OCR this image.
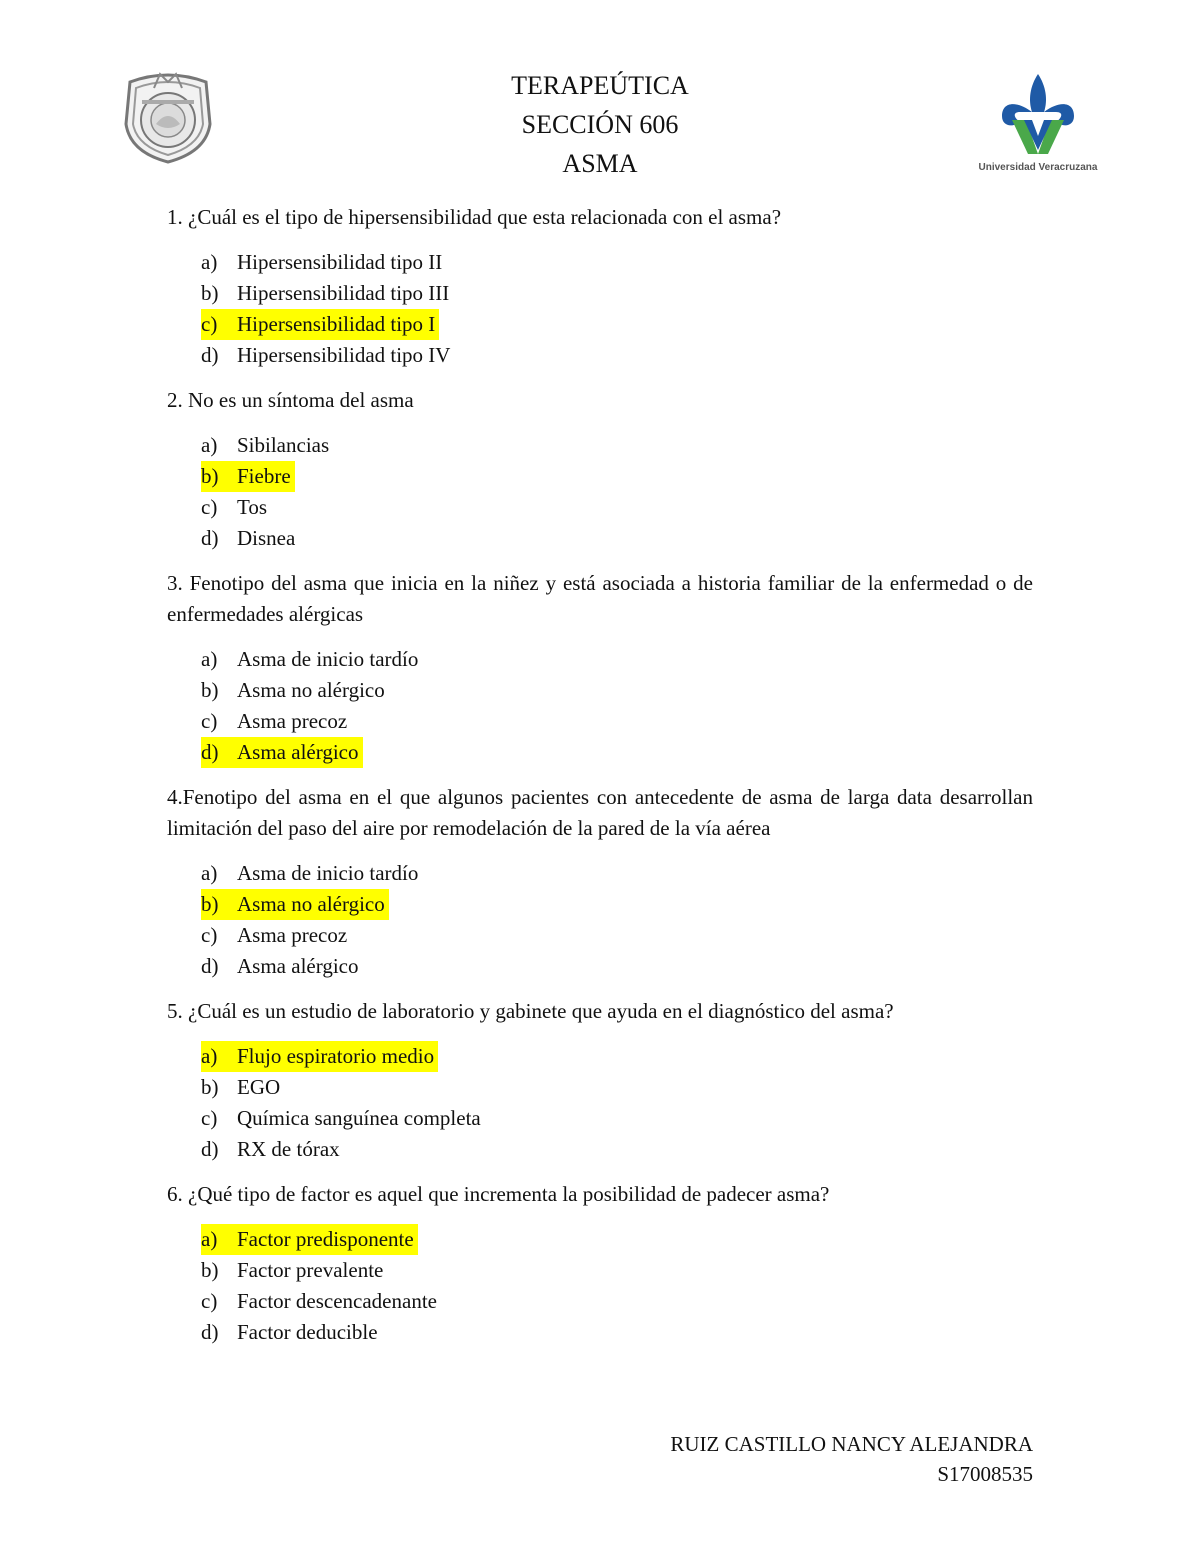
Universidad Veracruzana
TERAPEÚTICA
SECCIÓN 606
ASMA
1. ¿Cuál es el tipo de hipersensibilidad que esta relacionada con el asma?
a) Hipersensibilidad tipo II
b) Hipersensibilidad tipo III
c) Hipersensibilidad tipo I
d) Hipersensibilidad tipo IV
2. No es un síntoma del asma
a) Sibilancias
b) Fiebre
c) Tos
d) Disnea
3. Fenotipo del asma que inicia en la niñez y está asociada a historia familiar de la enfermedad o de enfermedades alérgicas
a) Asma de inicio tardío
b) Asma no alérgico
c) Asma precoz
d) Asma alérgico
4.Fenotipo del asma en el que algunos pacientes con antecedente de asma de larga data desarrollan limitación del paso del aire por remodelación de la pared de la vía aérea
a) Asma de inicio tardío
b) Asma no alérgico
c) Asma precoz
d) Asma alérgico
5. ¿Cuál es un estudio de laboratorio y gabinete que ayuda en el diagnóstico del asma?
a) Flujo espiratorio medio
b) EGO
c) Química sanguínea completa
d) RX de tórax
6. ¿Qué tipo de factor es aquel que incrementa la posibilidad de padecer asma?
a) Factor predisponente
b) Factor prevalente
c) Factor descencadenante
d) Factor deducible
RUIZ CASTILLO NANCY ALEJANDRA
S17008535
